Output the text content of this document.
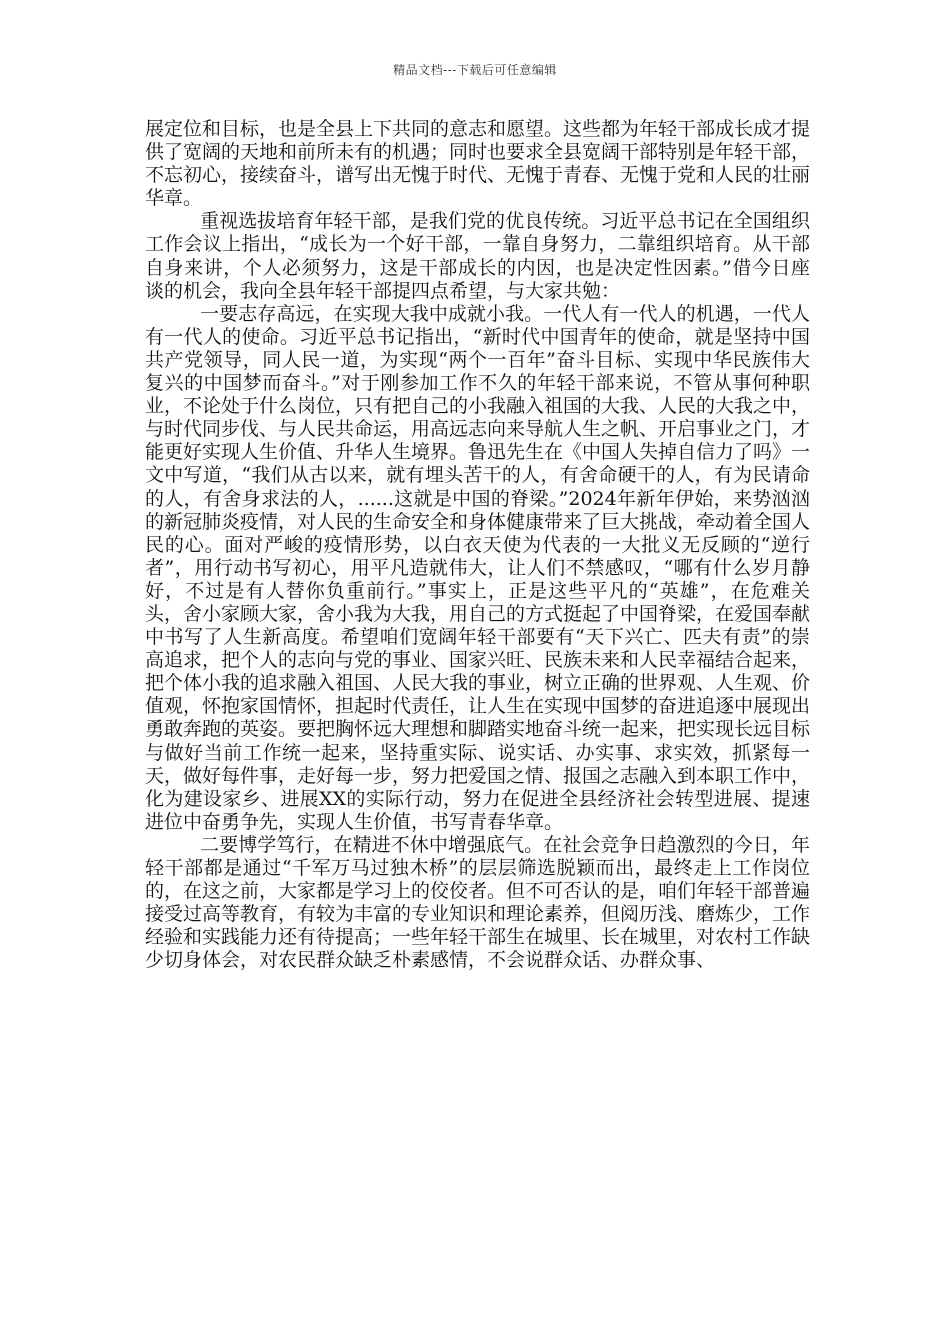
精品文档---下载后可任意编辑

展定位和目标，也是全县上下共同的意志和愿望。这些都为年轻干部成长成才提供了宽阔的天地和前所未有的机遇；同时也要求全县宽阔干部特别是年轻干部，不忘初心，接续奋斗，谱写出无愧于时代、无愧于青春、无愧于党和人民的壮丽华章。

重视选拔培育年轻干部，是我们党的优良传统。习近平总书记在全国组织工作会议上指出，“成长为一个好干部，一靠自身努力，二靠组织培育。从干部自身来讲，个人必须努力，这是干部成长的内因，也是决定性因素。”借今日座谈的机会，我向全县年轻干部提四点希望，与大家共勉：

一要志存高远，在实现大我中成就小我。一代人有一代人的机遇，一代人有一代人的使命。习近平总书记指出，“新时代中国青年的使命，就是坚持中国共产党领导，同人民一道，为实现“两个一百年”奋斗目标、实现中华民族伟大复兴的中国梦而奋斗。”对于刚参加工作不久的年轻干部来说，不管从事何种职业，不论处于什么岗位，只有把自己的小我融入祖国的大我、人民的大我之中，与时代同步伐、与人民共命运，用高远志向来导航人生之帆、开启事业之门，才能更好实现人生价值、升华人生境界。鲁迅先生在《中国人失掉自信力了吗》一文中写道，“我们从古以来，就有埋头苦干的人，有舍命硬干的人，有为民请命的人，有舍身求法的人，......这就是中国的脊梁。”2024年新年伊始，来势汹汹的新冠肺炎疫情，对人民的生命安全和身体健康带来了巨大挑战，牵动着全国人民的心。面对严峻的疫情形势，以白衣天使为代表的一大批义无反顾的“逆行者”，用行动书写初心，用平凡造就伟大，让人们不禁感叹，“哪有什么岁月静好，不过是有人替你负重前行。”事实上，正是这些平凡的“英雄”，在危难关头，舍小家顾大家，舍小我为大我，用自己的方式挺起了中国脊梁，在爱国奉献中书写了人生新高度。希望咱们宽阔年轻干部要有“天下兴亡、匹夫有责”的崇高追求，把个人的志向与党的事业、国家兴旺、民族未来和人民幸福结合起来，把个体小我的追求融入祖国、人民大我的事业，树立正确的世界观、人生观、价值观，怀抱家国情怀，担起时代责任，让人生在实现中国梦的奋进追逐中展现出勇敢奔跑的英姿。要把胸怀远大理想和脚踏实地奋斗统一起来，把实现长远目标与做好当前工作统一起来，坚持重实际、说实话、办实事、求实效，抓紧每一天，做好每件事，走好每一步，努力把爱国之情、报国之志融入到本职工作中，化为建设家乡、进展XX的实际行动，努力在促进全县经济社会转型进展、提速进位中奋勇争先，实现人生价值，书写青春华章。

二要博学笃行，在精进不休中增强底气。在社会竞争日趋激烈的今日，年轻干部都是通过“千军万马过独木桥”的层层筛选脱颖而出，最终走上工作岗位的，在这之前，大家都是学习上的佼佼者。但不可否认的是，咱们年轻干部普遍接受过高等教育，有较为丰富的专业知识和理论素养，但阅历浅、磨炼少，工作经验和实践能力还有待提高；一些年轻干部生在城里、长在城里，对农村工作缺少切身体会，对农民群众缺乏朴素感情，不会说群众话、办群众事、
